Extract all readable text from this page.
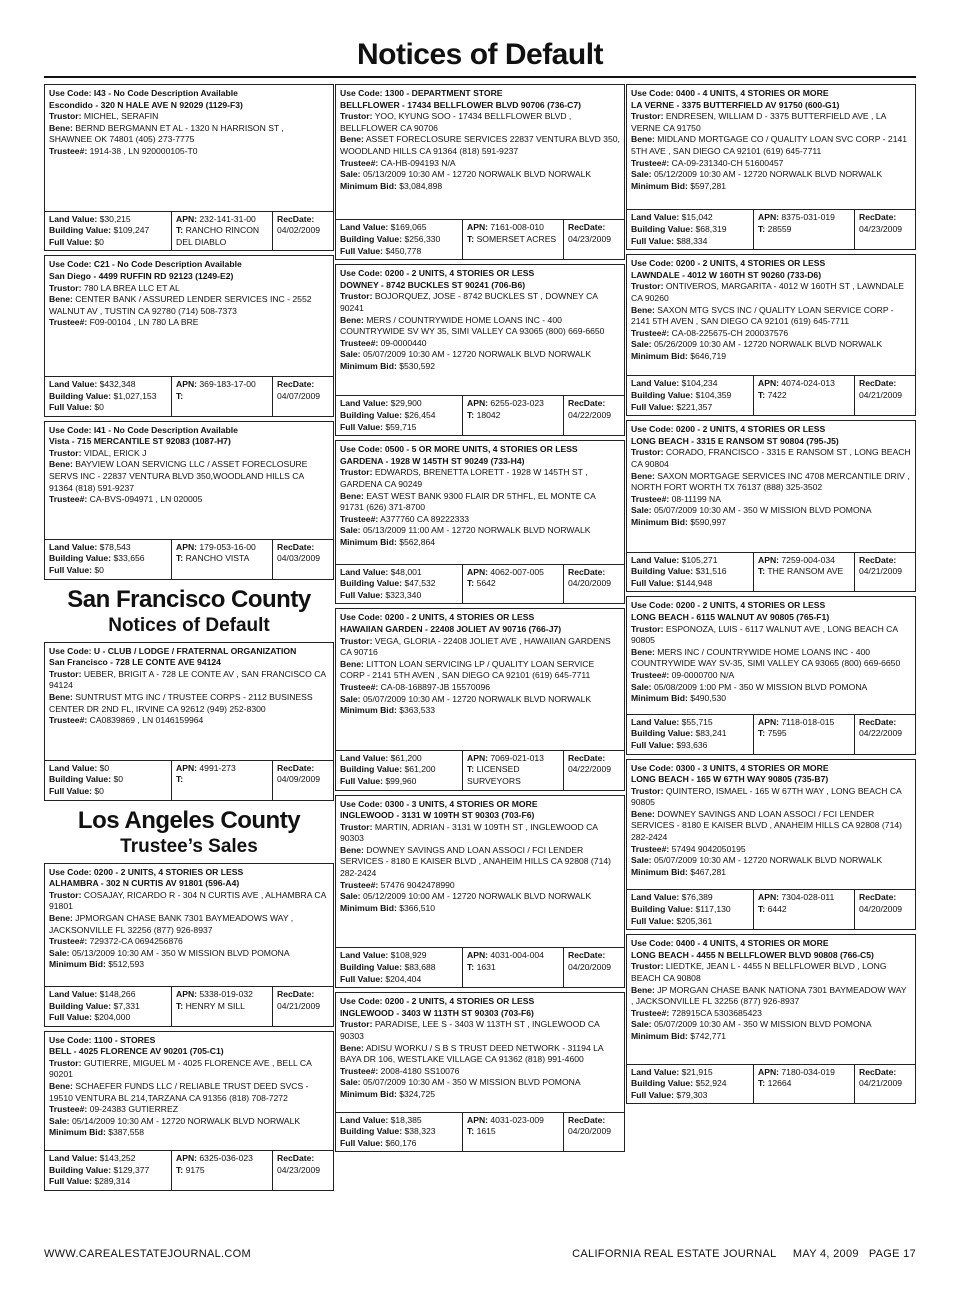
Notices of Default
Use Code: I43 - No Code Description Available
Escondido - 320 N HALE AVE N 92029 (1129-F3)
Trustor: MICHEL, SERAFIN
Bene: BERND BERGMANN ET AL - 1320 N HARRISON ST , SHAWNEE OK 74801 (405) 273-7775
Trustee#: 1914-38 , LN 920000105-T0
Land Value: $30,215
Building Value: $109,247
Full Value: $0
APN: 232-141-31-00
T: RANCHO RINCON DEL DIABLO
RecDate:
04/02/2009
Use Code: C21 - No Code Description Available
San Diego - 4499 RUFFIN RD 92123 (1249-E2)
Trustor: 780 LA BREA LLC ET AL
Bene: CENTER BANK / ASSURED LENDER SERVICES INC - 2552 WALNUT AV , TUSTIN CA 92780 (714) 508-7373
Trustee#: F09-00104 , LN 780 LA BRE
Land Value: $432,348
Building Value: $1,027,153
Full Value: $0
APN: 369-183-17-00
T:
RecDate:
04/07/2009
Use Code: I41 - No Code Description Available
Vista - 715 MERCANTILE ST 92083 (1087-H7)
Trustor: VIDAL, ERICK J
Bene: BAYVIEW LOAN SERVICNG LLC / ASSET FORECLOSURE SERVS INC - 22837 VENTURA BLVD 350,WOODLAND HILLS CA 91364 (818) 591-9237
Trustee#: CA-BVS-094971 , LN 020005
Land Value: $78,543
Building Value: $33,656
Full Value: $0
APN: 179-053-16-00
T: RANCHO VISTA
RecDate:
04/03/2009
San Francisco County
Notices of Default
Use Code: U - CLUB / LODGE / FRATERNAL ORGANIZATION
San Francisco - 728 LE CONTE AVE 94124
Trustor: UEBER, BRIGIT A - 728 LE CONTE AV , SAN FRANCISCO CA 94124
Bene: SUNTRUST MTG INC / TRUSTEE CORPS - 2112 BUSINESS CENTER DR 2ND FL, IRVINE CA 92612 (949) 252-8300
Trustee#: CA0839869 , LN 0146159964
Land Value: $0
Building Value: $0
Full Value: $0
APN: 4991-273
T:
RecDate:
04/09/2009
Los Angeles County
Trustee’s Sales
Use Code: 0200 - 2 UNITS, 4 STORIES OR LESS
ALHAMBRA - 302 N CURTIS AV 91801 (596-A4)
Trustor: COSAJAY, RICARDO R - 304 N CURTIS AVE , ALHAMBRA CA 91801
Bene: JPMORGAN CHASE BANK 7301 BAYMEADOWS WAY , JACKSONVILLE FL 32256 (877) 926-8937
Trustee#: 729372-CA 0694256876
Sale: 05/13/2009 10:30 AM - 350 W MISSION BLVD POMONA
Minimum Bid: $512,593
Land Value: $148,266
Building Value: $7,331
Full Value: $204,000
APN: 5338-019-032
T: HENRY M SILL
RecDate:
04/21/2009
Use Code: 1100 - STORES
BELL - 4025 FLORENCE AV 90201 (705-C1)
Trustor: GUTIERRE, MIGUEL M - 4025 FLORENCE AVE , BELL CA 90201
Bene: SCHAEFER FUNDS LLC / RELIABLE TRUST DEED SVCS - 19510 VENTURA BL 214,TARZANA CA 91356 (818) 708-7272
Trustee#: 09-24383 GUTIERREZ
Sale: 05/14/2009 10:30 AM - 12720 NORWALK BLVD NORWALK
Minimum Bid: $387,558
Land Value: $143,252
Building Value: $129,377
Full Value: $289,314
APN: 6325-036-023
T: 9175
RecDate:
04/23/2009
Use Code: 1300 - DEPARTMENT STORE
BELLFLOWER - 17434 BELLFLOWER BLVD 90706 (736-C7)
Trustor: YOO, KYUNG SOO - 17434 BELLFLOWER BLVD , BELLFLOWER CA 90706
Bene: ASSET FORECLOSURE SERVICES 22837 VENTURA BLVD 350, WOODLAND HILLS CA 91364 (818) 591-9237
Trustee#: CA-HB-094193 N/A
Sale: 05/13/2009 10:30 AM - 12720 NORWALK BLVD NORWALK
Minimum Bid: $3,084,898
Land Value: $169,065
Building Value: $256,330
Full Value: $450,778
APN: 7161-008-010
T: SOMERSET ACRES
RecDate:
04/23/2009
Use Code: 0200 - 2 UNITS, 4 STORIES OR LESS
DOWNEY - 8742 BUCKLES ST 90241 (706-B6)
Trustor: BOJORQUEZ, JOSE - 8742 BUCKLES ST , DOWNEY CA 90241
Bene: MERS / COUNTRYWIDE HOME LOANS INC - 400 COUNTRYWIDE SV WY 35, SIMI VALLEY CA 93065 (800) 669-6650
Trustee#: 09-0000440
Sale: 05/07/2009 10:30 AM - 12720 NORWALK BLVD NORWALK
Minimum Bid: $530,592
Land Value: $29,900
Building Value: $26,454
Full Value: $59,715
APN: 6255-023-023
T: 18042
RecDate:
04/22/2009
Use Code: 0500 - 5 OR MORE UNITS, 4 STORIES OR LESS
GARDENA - 1928 W 145TH ST 90249 (733-H4)
Trustor: EDWARDS, BRENETTA LORETT - 1928 W 145TH ST , GARDENA CA 90249
Bene: EAST WEST BANK 9300 FLAIR DR 5THFL, EL MONTE CA 91731 (626) 371-8700
Trustee#: A377760 CA 89222333
Sale: 05/13/2009 11:00 AM - 12720 NORWALK BLVD NORWALK
Minimum Bid: $562,864
Land Value: $48,001
Building Value: $47,532
Full Value: $323,340
APN: 4062-007-005
T: 5642
RecDate:
04/20/2009
Use Code: 0200 - 2 UNITS, 4 STORIES OR LESS
HAWAIIAN GARDEN - 22408 JOLIET AV 90716 (766-J7)
Trustor: VEGA, GLORIA - 22408 JOLIET AVE , HAWAIIAN GARDENS CA 90716
Bene: LITTON LOAN SERVICING LP / QUALITY LOAN SERVICE CORP - 2141 5TH AVEN , SAN DIEGO CA 92101 (619) 645-7711
Trustee#: CA-08-168897-JB 15570096
Sale: 05/07/2009 10:30 AM - 12720 NORWALK BLVD NORWALK
Minimum Bid: $363,533
Land Value: $61,200
Building Value: $61,200
Full Value: $99,960
APN: 7069-021-013
T: LICENSED SURVEYORS
RecDate:
04/22/2009
Use Code: 0300 - 3 UNITS, 4 STORIES OR MORE
INGLEWOOD - 3131 W 109TH ST 90303 (703-F6)
Trustor: MARTIN, ADRIAN - 3131 W 109TH ST , INGLEWOOD CA 90303
Bene: DOWNEY SAVINGS AND LOAN ASSOCI / FCI LENDER SERVICES - 8180 E KAISER BLVD , ANAHEIM HILLS CA 92808 (714) 282-2424
Trustee#: 57476 9042478990
Sale: 05/12/2009 10:00 AM - 12720 NORWALK BLVD NORWALK
Minimum Bid: $366,510
Land Value: $108,929
Building Value: $83,688
Full Value: $204,404
APN: 4031-004-004
T: 1631
RecDate:
04/20/2009
Use Code: 0200 - 2 UNITS, 4 STORIES OR LESS
INGLEWOOD - 3403 W 113TH ST 90303 (703-F6)
Trustor: PARADISE, LEE S - 3403 W 113TH ST , INGLEWOOD CA 90303
Bene: ADISU WORKU / S B S TRUST DEED NETWORK - 31194 LA BAYA DR 106, WESTLAKE VILLAGE CA 91362 (818) 991-4600
Trustee#: 2008-4180 SS10076
Sale: 05/07/2009 10:30 AM - 350 W MISSION BLVD POMONA
Minimum Bid: $324,725
Land Value: $18,385
Building Value: $38,323
Full Value: $60,176
APN: 4031-023-009
T: 1615
RecDate:
04/20/2009
Use Code: 0400 - 4 UNITS, 4 STORIES OR MORE
LA VERNE - 3375 BUTTERFIELD AV 91750 (600-G1)
Trustor: ENDRESEN, WILLIAM D - 3375 BUTTERFIELD AVE , LA VERNE CA 91750
Bene: MIDLAND MORTGAGE CO / QUALITY LOAN SVC CORP - 2141 5TH AVE , SAN DIEGO CA 92101 (619) 645-7711
Trustee#: CA-09-231340-CH 51600457
Sale: 05/12/2009 10:30 AM - 12720 NORWALK BLVD NORWALK
Minimum Bid: $597,281
Land Value: $15,042
Building Value: $68,319
Full Value: $88,334
APN: 8375-031-019
T: 28559
RecDate:
04/23/2009
Use Code: 0200 - 2 UNITS, 4 STORIES OR LESS
LAWNDALE - 4012 W 160TH ST 90260 (733-D6)
Trustor: ONTIVEROS, MARGARITA - 4012 W 160TH ST , LAWNDALE CA 90260
Bene: SAXON MTG SVCS INC / QUALITY LOAN SERVICE CORP - 2141 5TH AVEN , SAN DIEGO CA 92101 (619) 645-7711
Trustee#: CA-08-225675-CH 200037576
Sale: 05/26/2009 10:30 AM - 12720 NORWALK BLVD NORWALK
Minimum Bid: $646,719
Land Value: $104,234
Building Value: $104,359
Full Value: $221,357
APN: 4074-024-013
T: 7422
RecDate:
04/21/2009
Use Code: 0200 - 2 UNITS, 4 STORIES OR LESS
LONG BEACH - 3315 E RANSOM ST 90804 (795-J5)
Trustor: CORADO, FRANCISCO - 3315 E RANSOM ST , LONG BEACH CA 90804
Bene: SAXON MORTGAGE SERVICES INC 4708 MERCANTILE DRIV , NORTH FORT WORTH TX 76137 (888) 325-3502
Trustee#: 08-11199 NA
Sale: 05/07/2009 10:30 AM - 350 W MISSION BLVD POMONA
Minimum Bid: $590,997
Land Value: $105,271
Building Value: $31,516
Full Value: $144,948
APN: 7259-004-034
T: THE RANSOM AVE
RecDate:
04/21/2009
Use Code: 0200 - 2 UNITS, 4 STORIES OR LESS
LONG BEACH - 6115 WALNUT AV 90805 (765-F1)
Trustor: ESPONOZA, LUIS - 6117 WALNUT AVE , LONG BEACH CA 90805
Bene: MERS INC / COUNTRYWIDE HOME LOANS INC - 400 COUNTRYWIDE WAY SV-35, SIMI VALLEY CA 93065 (800) 669-6650
Trustee#: 09-0000700 N/A
Sale: 05/08/2009 1:00 PM - 350 W MISSION BLVD POMONA
Minimum Bid: $490,530
Land Value: $55,715
Building Value: $83,241
Full Value: $93,636
APN: 7118-018-015
T: 7595
RecDate:
04/22/2009
Use Code: 0300 - 3 UNITS, 4 STORIES OR MORE
LONG BEACH - 165 W 67TH WAY 90805 (735-B7)
Trustor: QUINTERO, ISMAEL - 165 W 67TH WAY , LONG BEACH CA 90805
Bene: DOWNEY SAVINGS AND LOAN ASSOCI / FCI LENDER SERVICES - 8180 E KAISER BLVD , ANAHEIM HILLS CA 92808 (714) 282-2424
Trustee#: 57494 9042050195
Sale: 05/07/2009 10:30 AM - 12720 NORWALK BLVD NORWALK
Minimum Bid: $467,281
Land Value: $76,389
Building Value: $117,130
Full Value: $205,361
APN: 7304-028-011
T: 6442
RecDate:
04/20/2009
Use Code: 0400 - 4 UNITS, 4 STORIES OR MORE
LONG BEACH - 4455 N BELLFLOWER BLVD 90808 (766-C5)
Trustor: LIEDTKE, JEAN L - 4455 N BELLFLOWER BLVD , LONG BEACH CA 90808
Bene: JP MORGAN CHASE BANK NATIONA 7301 BAYMEADOW WAY , JACKSONVILLE FL 32256 (877) 926-8937
Trustee#: 728915CA 5303685423
Sale: 05/07/2009 10:30 AM - 350 W MISSION BLVD POMONA
Minimum Bid: $742,771
Land Value: $21,915
Building Value: $52,924
Full Value: $79,303
APN: 7180-034-019
T: 12664
RecDate:
04/21/2009
WWW.CAREALESTATEJOURNAL.COM	CALIFORNIA REAL ESTATE JOURNAL     MAY 4, 2009   PAGE 17
